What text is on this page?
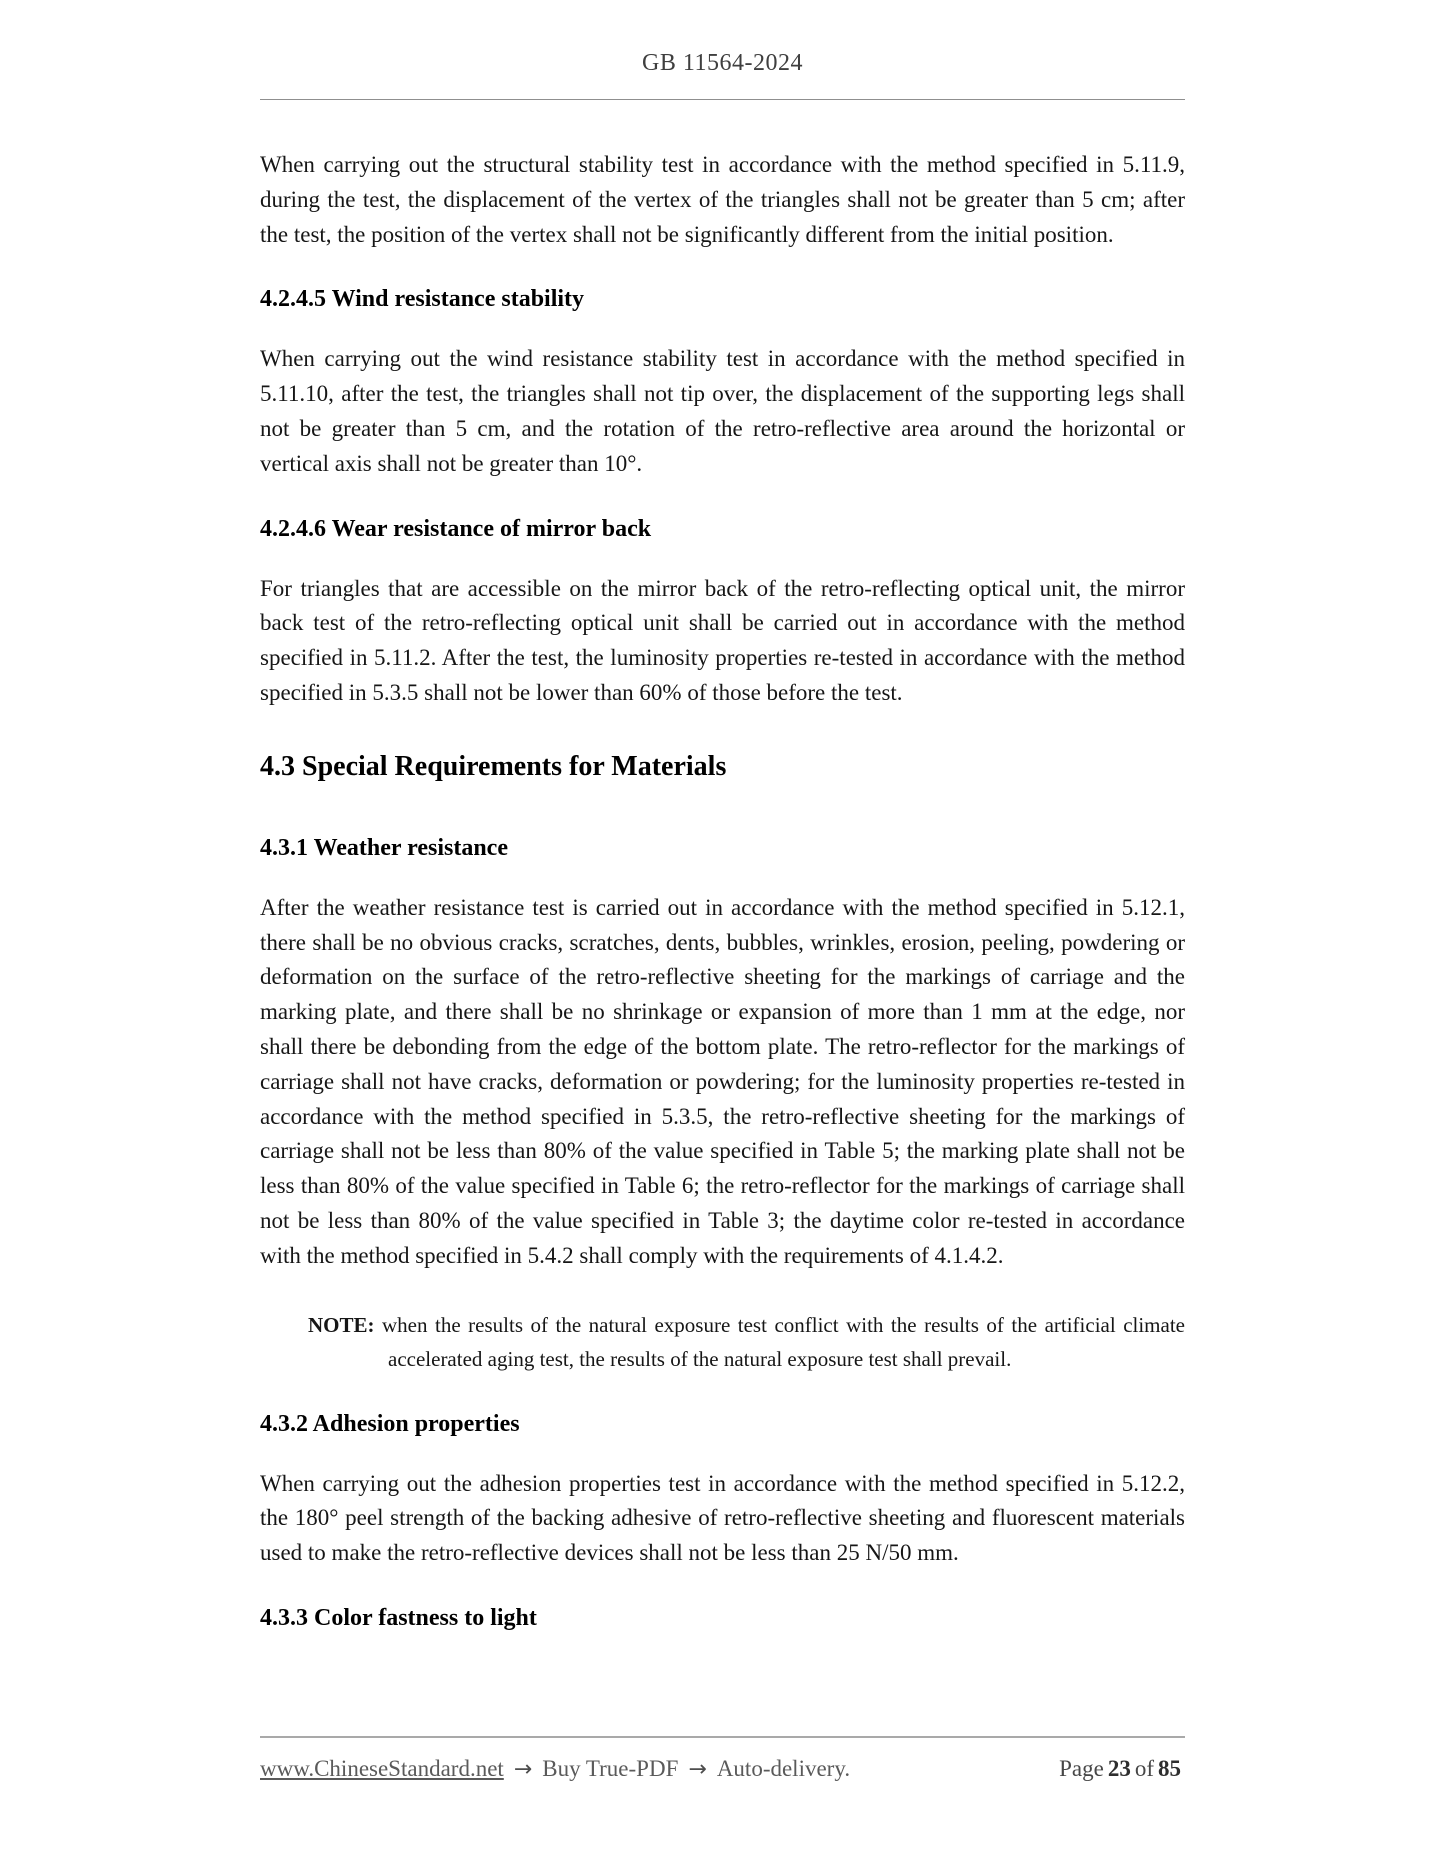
GB 11564-2024

When carrying out the structural stability test in accordance with the method specified in 5.11.9, during the test, the displacement of the vertex of the triangles shall not be greater than 5 cm; after the test, the position of the vertex shall not be significantly different from the initial position.

4.2.4.5 Wind resistance stability

When carrying out the wind resistance stability test in accordance with the method specified in 5.11.10, after the test, the triangles shall not tip over, the displacement of the supporting legs shall not be greater than 5 cm, and the rotation of the retro-reflective area around the horizontal or vertical axis shall not be greater than 10°.

4.2.4.6 Wear resistance of mirror back

For triangles that are accessible on the mirror back of the retro-reflecting optical unit, the mirror back test of the retro-reflecting optical unit shall be carried out in accordance with the method specified in 5.11.2. After the test, the luminosity properties re-tested in accordance with the method specified in 5.3.5 shall not be lower than 60% of those before the test.

4.3 Special Requirements for Materials
4.3.1 Weather resistance

After the weather resistance test is carried out in accordance with the method specified in 5.12.1, there shall be no obvious cracks, scratches, dents, bubbles, wrinkles, erosion, peeling, powdering or deformation on the surface of the retro-reflective sheeting for the markings of carriage and the marking plate, and there shall be no shrinkage or expansion of more than 1 mm at the edge, nor shall there be debonding from the edge of the bottom plate. The retro-reflector for the markings of carriage shall not have cracks, deformation or powdering; for the luminosity properties re-tested in accordance with the method specified in 5.3.5, the retro-reflective sheeting for the markings of carriage shall not be less than 80% of the value specified in Table 5; the marking plate shall not be less than 80% of the value specified in Table 6; the retro-reflector for the markings of carriage shall not be less than 80% of the value specified in Table 3; the daytime color re-tested in accordance with the method specified in 5.4.2 shall comply with the requirements of 4.1.4.2.

NOTE: when the results of the natural exposure test conflict with the results of the artificial climate accelerated aging test, the results of the natural exposure test shall prevail.

4.3.2 Adhesion properties

When carrying out the adhesion properties test in accordance with the method specified in 5.12.2, the 180° peel strength of the backing adhesive of retro-reflective sheeting and fluorescent materials used to make the retro-reflective devices shall not be less than 25 N/50 mm.

4.3.3 Color fastness to light
www.ChineseStandard.net → Buy True-PDF → Auto-delivery.	Page 23 of 85
